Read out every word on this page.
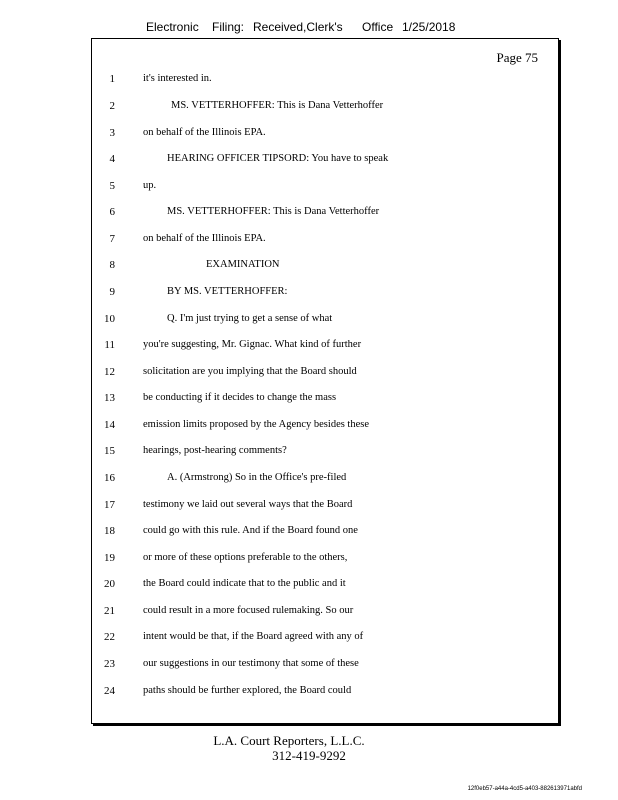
Electronic Filing: Received,Clerk's Office 1/25/2018
Page 75
1	it's interested in.
2	MS. VETTERHOFFER: This is Dana Vetterhoffer
3	on behalf of the Illinois EPA.
4	HEARING OFFICER TIPSORD: You have to speak
5	up.
6	MS. VETTERHOFFER: This is Dana Vetterhoffer
7	on behalf of the Illinois EPA.
8	EXAMINATION
9	BY MS. VETTERHOFFER:
10	Q. I'm just trying to get a sense of what
11	you're suggesting, Mr. Gignac. What kind of further
12	solicitation are you implying that the Board should
13	be conducting if it decides to change the mass
14	emission limits proposed by the Agency besides these
15	hearings, post-hearing comments?
16	A. (Armstrong) So in the Office's pre-filed
17	testimony we laid out several ways that the Board
18	could go with this rule. And if the Board found one
19	or more of these options preferable to the others,
20	the Board could indicate that to the public and it
21	could result in a more focused rulemaking. So our
22	intent would be that, if the Board agreed with any of
23	our suggestions in our testimony that some of these
24	paths should be further explored, the Board could
L.A. Court Reporters, L.L.C.
312-419-9292
12f0eb57-a44a-4cd5-a403-882613971abfd
